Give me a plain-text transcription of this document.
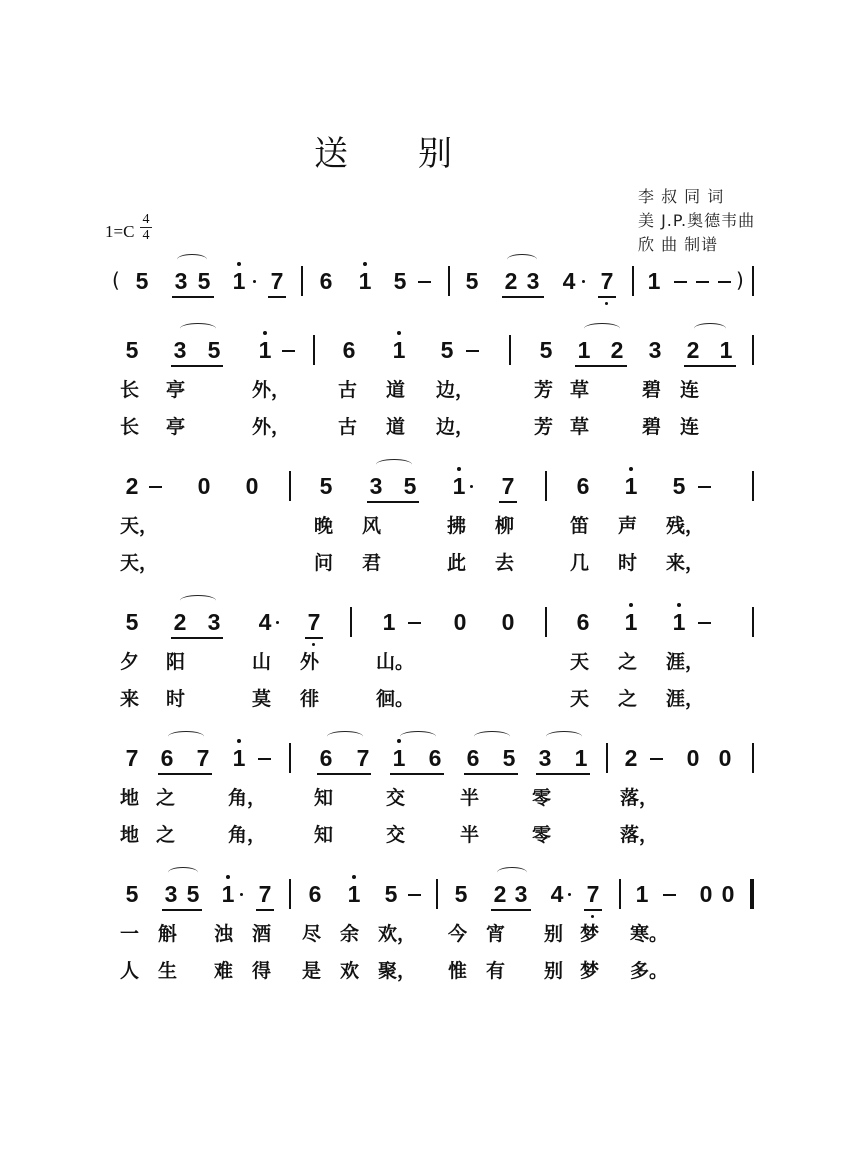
送 别
李 叔 同 词
美 J.P.奥德韦曲
欣 曲 制谱
1=C
4
4
( 5 3 5 1 7 6 1 5	5 2 3 4 7 1	)
5 3 5 1	6 1 5	5 1 2 3 2 1
长 亭	外，	古 道 边，	芳 草	碧 连
长 亭	外，	古 道 边，	芳 草	碧 连
2	0 0	5 3 5 1 7	6 1 5
天，	晚 风	拂 柳	笛 声 残，
天，	问 君	此 去	几 时 来，
5 2 3 4 7	1	0 0	6 1 1
夕 阳	山 外	山。	天 之 涯，
来 时	莫 徘	徊。	天 之 涯，
7 6 7 1	6 7 1 6 6 5 3 1 2 0 0
地 之	角，	知	交	半	零	落，
地 之	角，	知	交	半	零	落，
5 3 5 1 7 6 1 5 5 2 3 4 7 1 0 0
一 斛 浊 酒 尽 余 欢， 今 宵 别 梦 寒。
人 生 难 得 是 欢 聚， 惟 有 别 梦 多。
